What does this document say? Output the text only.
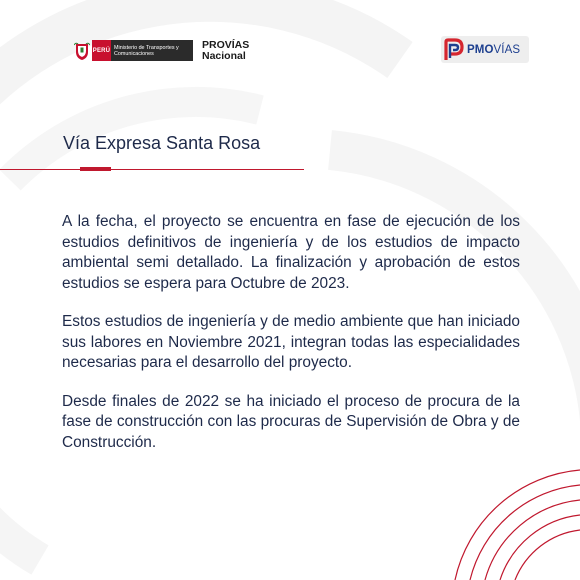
PERÚ Ministerio de Transportes y Comunicaciones
PROVÍAS
Nacional	PMOVÍAS
Vía Expresa Santa Rosa

A la fecha, el proyecto se encuentra en fase de ejecución de los estudios definitivos de ingeniería y de los estudios de impacto ambiental semi detallado. La finalización y aprobación de estos estudios se espera para Octubre de 2023.

Estos estudios de ingeniería y de medio ambiente que han iniciado sus labores en Noviembre 2021, integran todas las especialidades necesarias para el desarrollo del proyecto.

Desde finales de 2022 se ha iniciado el proceso de procura de la fase de construcción con las procuras de Supervisión de Obra y de Construcción.
